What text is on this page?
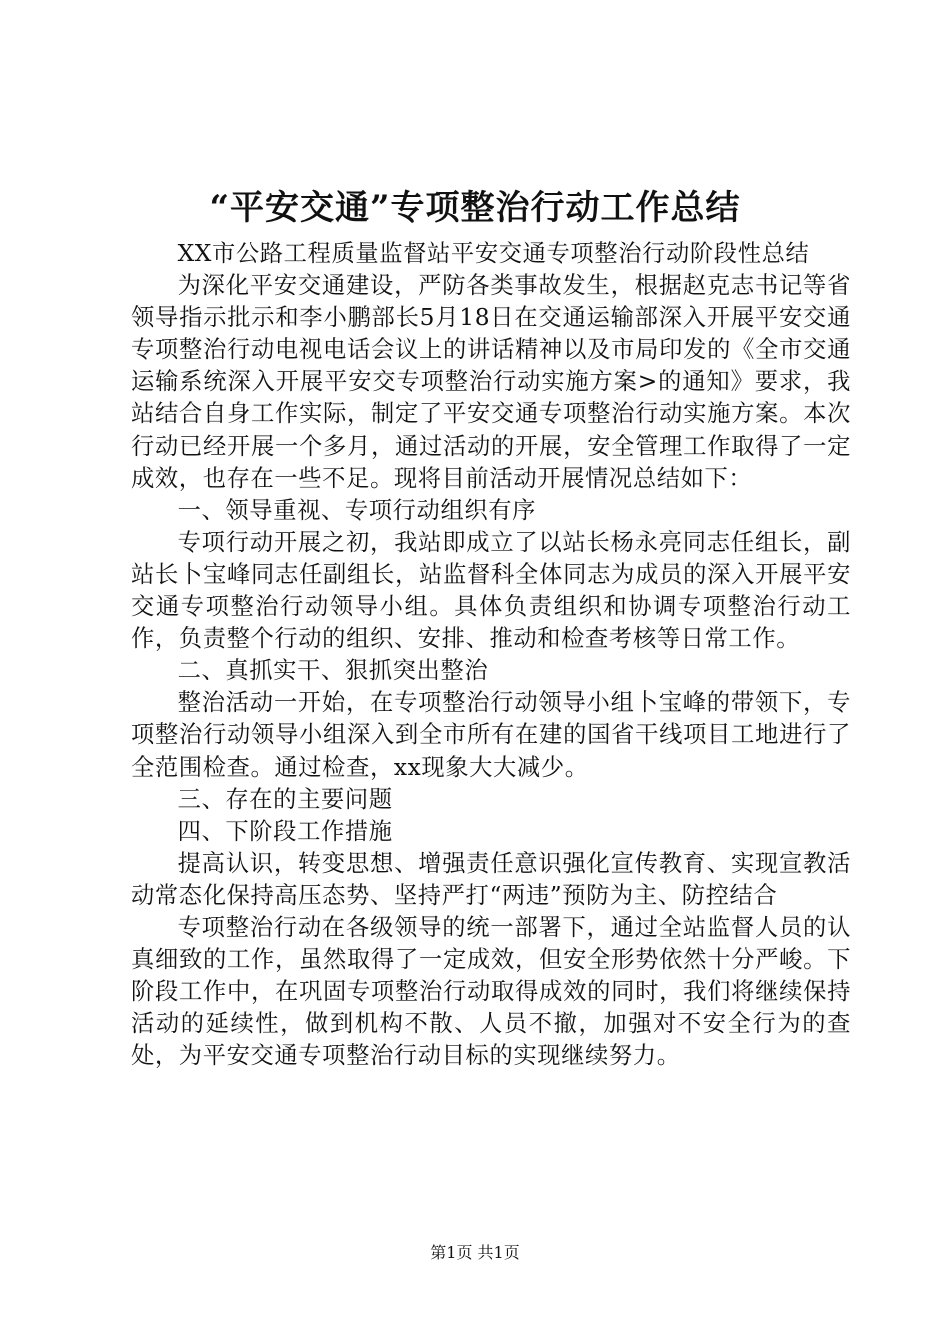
“平安交通”专项整治行动工作总结

XX市公路工程质量监督站平安交通专项整治行动阶段性总结

为深化平安交通建设，严防各类事故发生，根据赵克志书记等省领导指示批示和李小鹏部长5月18日在交通运输部深入开展平安交通专项整治行动电视电话会议上的讲话精神以及市局印发的《全市交通运输系统深入开展平安交专项整治行动实施方案>的通知》要求，我站结合自身工作实际，制定了平安交通专项整治行动实施方案。本次行动已经开展一个多月，通过活动的开展，安全管理工作取得了一定成效，也存在一些不足。现将目前活动开展情况总结如下：

一、领导重视、专项行动组织有序

专项行动开展之初，我站即成立了以站长杨永亮同志任组长，副站长卜宝峰同志任副组长，站监督科全体同志为成员的深入开展平安交通专项整治行动领导小组。具体负责组织和协调专项整治行动工作，负责整个行动的组织、安排、推动和检查考核等日常工作。

二、真抓实干、狠抓突出整治

整治活动一开始，在专项整治行动领导小组卜宝峰的带领下，专项整治行动领导小组深入到全市所有在建的国省干线项目工地进行了全范围检查。通过检查，xx现象大大减少。

三、存在的主要问题

四、下阶段工作措施

提高认识，转变思想、增强责任意识强化宣传教育、实现宣教活动常态化保持高压态势、坚持严打“两违”预防为主、防控结合

专项整治行动在各级领导的统一部署下，通过全站监督人员的认真细致的工作，虽然取得了一定成效，但安全形势依然十分严峻。下阶段工作中，在巩固专项整治行动取得成效的同时，我们将继续保持活动的延续性，做到机构不散、人员不撤，加强对不安全行为的查处，为平安交通专项整治行动目标的实现继续努力。

第1页 共1页
